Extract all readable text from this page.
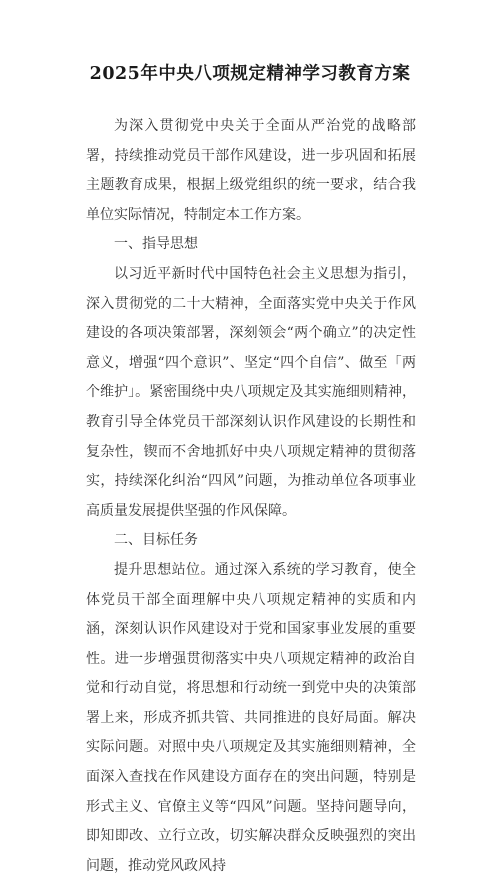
2025年中央八项规定精神学习教育方案

为深入贯彻党中央关于全面从严治党的战略部署，持续推动党员干部作风建设，进一步巩固和拓展主题教育成果，根据上级党组织的统一要求，结合我单位实际情况，特制定本工作方案。

一、指导思想

以习近平新时代中国特色社会主义思想为指引，深入贯彻党的二十大精神，全面落实党中央关于作风建设的各项决策部署，深刻领会“两个确立”的决定性意义，增强“四个意识”、坚定“四个自信”、做至「两个维护」。紧密围绕中央八项规定及其实施细则精神，教育引导全体党员干部深刻认识作风建设的长期性和复杂性，锲而不舍地抓好中央八项规定精神的贯彻落实，持续深化纠治“四风”问题，为推动单位各项事业高质量发展提供坚强的作风保障。

二、目标任务

提升思想站位。通过深入系统的学习教育，使全体党员干部全面理解中央八项规定精神的实质和内涵，深刻认识作风建设对于党和国家事业发展的重要性。进一步增强贯彻落实中央八项规定精神的政治自觉和行动自觉，将思想和行动统一到党中央的决策部署上来，形成齐抓共管、共同推进的良好局面。解决实际问题。对照中央八项规定及其实施细则精神，全面深入查找在作风建设方面存在的突出问题，特别是形式主义、官僚主义等“四风”问题。坚持问题导向，即知即改、立行立改，切实解决群众反映强烈的突出问题，推动党风政风持
